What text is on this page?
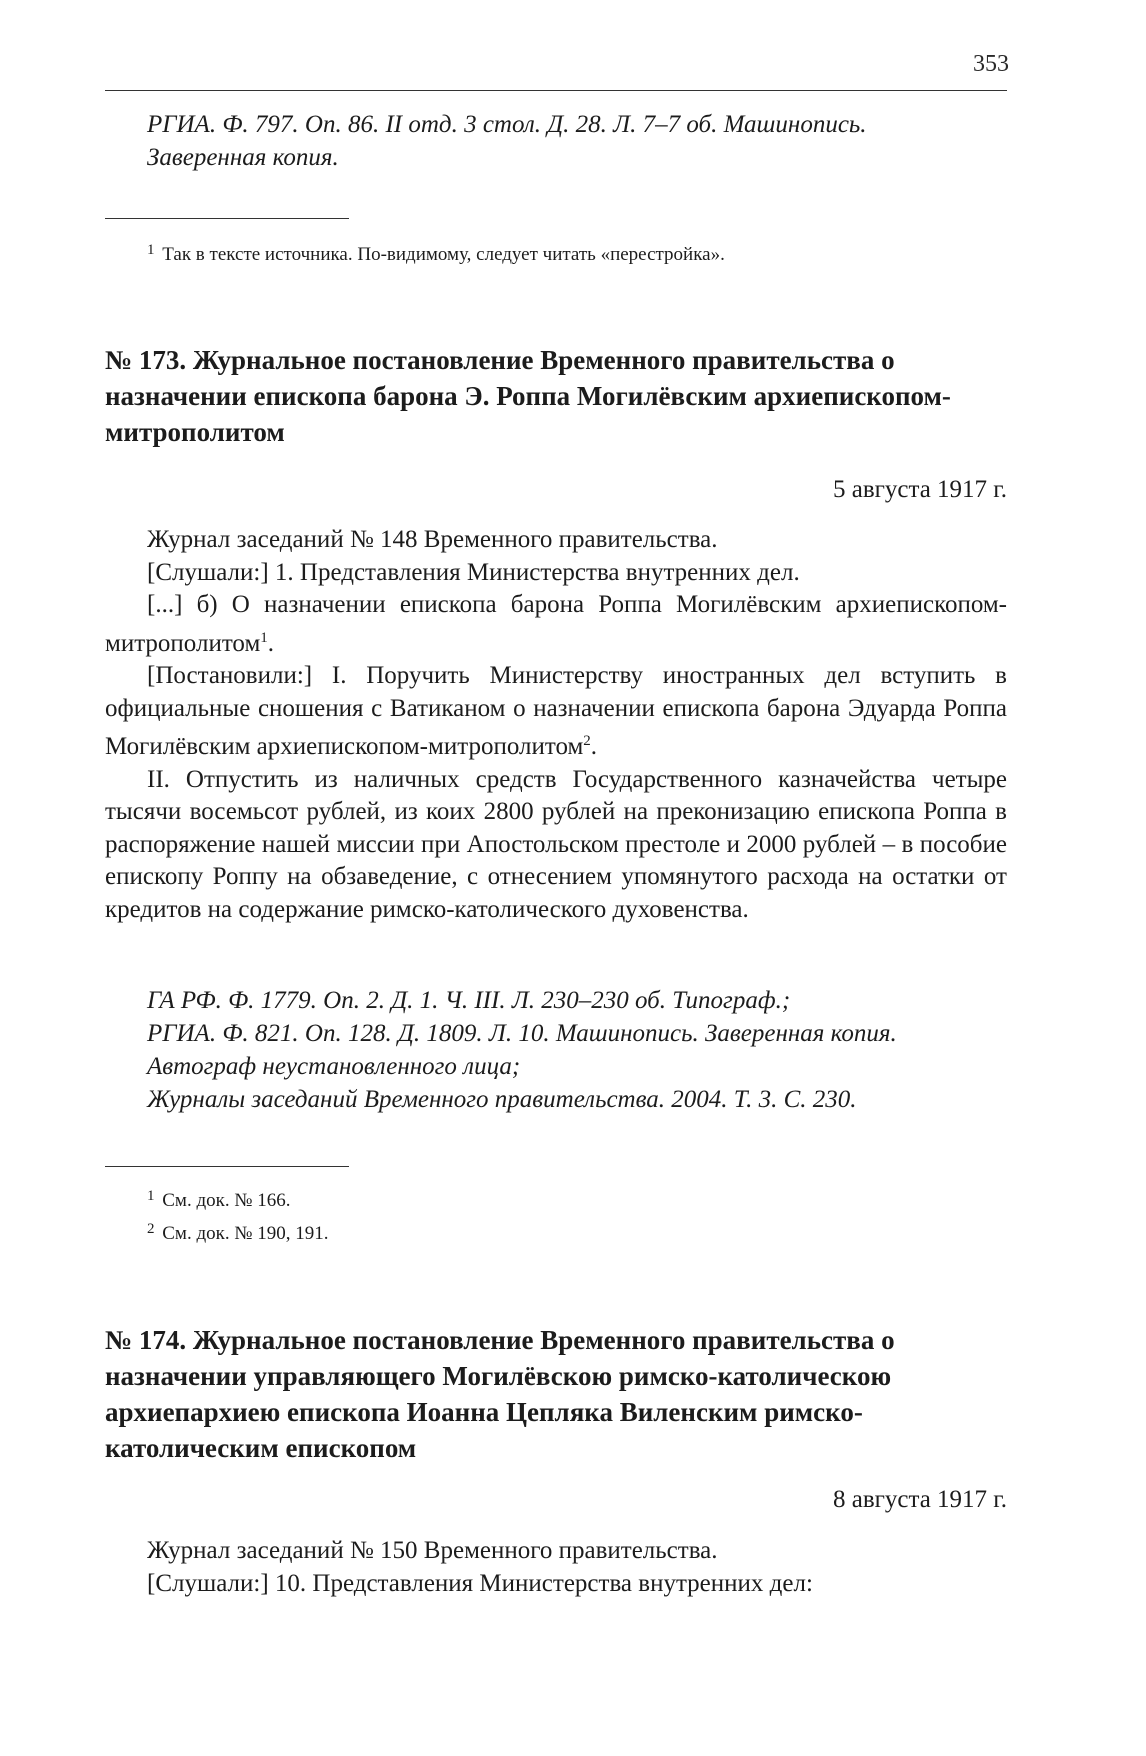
353

РГИА. Ф. 797. Оп. 86. II отд. 3 стол. Д. 28. Л. 7–7 об. Машинопись.

Заверенная копия.

$^1$ Так в тексте источника. По-видимому, следует читать «перестройка».

№ 173. Журнальное постановление Временного правительства о назначении епископа барона Э. Роппа Могилёвским архиепископом-митрополитом
5 августа 1917 г.

Журнал заседаний № 148 Временного правительства.

[Слушали:] 1. Представления Министерства внутренних дел.

[...] б) О назначении епископа барона Роппа Могилёвским архиепископом-митрополитом$^1$.

[Постановили:] I. Поручить Министерству иностранных дел вступить в официальные сношения с Ватиканом о назначении епископа барона Эдуарда Роппа Могилёвским архиепископом-митрополитом$^2$.

II. Отпустить из наличных средств Государственного казначейства четыре тысячи восемьсот рублей, из коих 2800 рублей на преконизацию епископа Роппа в распоряжение нашей миссии при Апостольском престоле и 2000 рублей – в пособие епископу Роппу на обзаведение, с отнесением упомянутого расхода на остатки от кредитов на содержание римско-католического духовенства.

ГА РФ. Ф. 1779. Оп. 2. Д. 1. Ч. III. Л. 230–230 об. Типограф.;

РГИА. Ф. 821. Оп. 128. Д. 1809. Л. 10. Машинопись. Заверенная копия.

Автограф неустановленного лица;

Журналы заседаний Временного правительства. 2004. Т. 3. С. 230.

$^1$ См. док. № 166.

$^2$ См. док. № 190, 191.

№ 174. Журнальное постановление Временного правительства о назначении управляющего Могилёвскою римско-католическою архиепархиею епископа Иоанна Цепляка Виленским римско-католическим епископом
8 августа 1917 г.

Журнал заседаний № 150 Временного правительства.

[Слушали:] 10. Представления Министерства внутренних дел:
